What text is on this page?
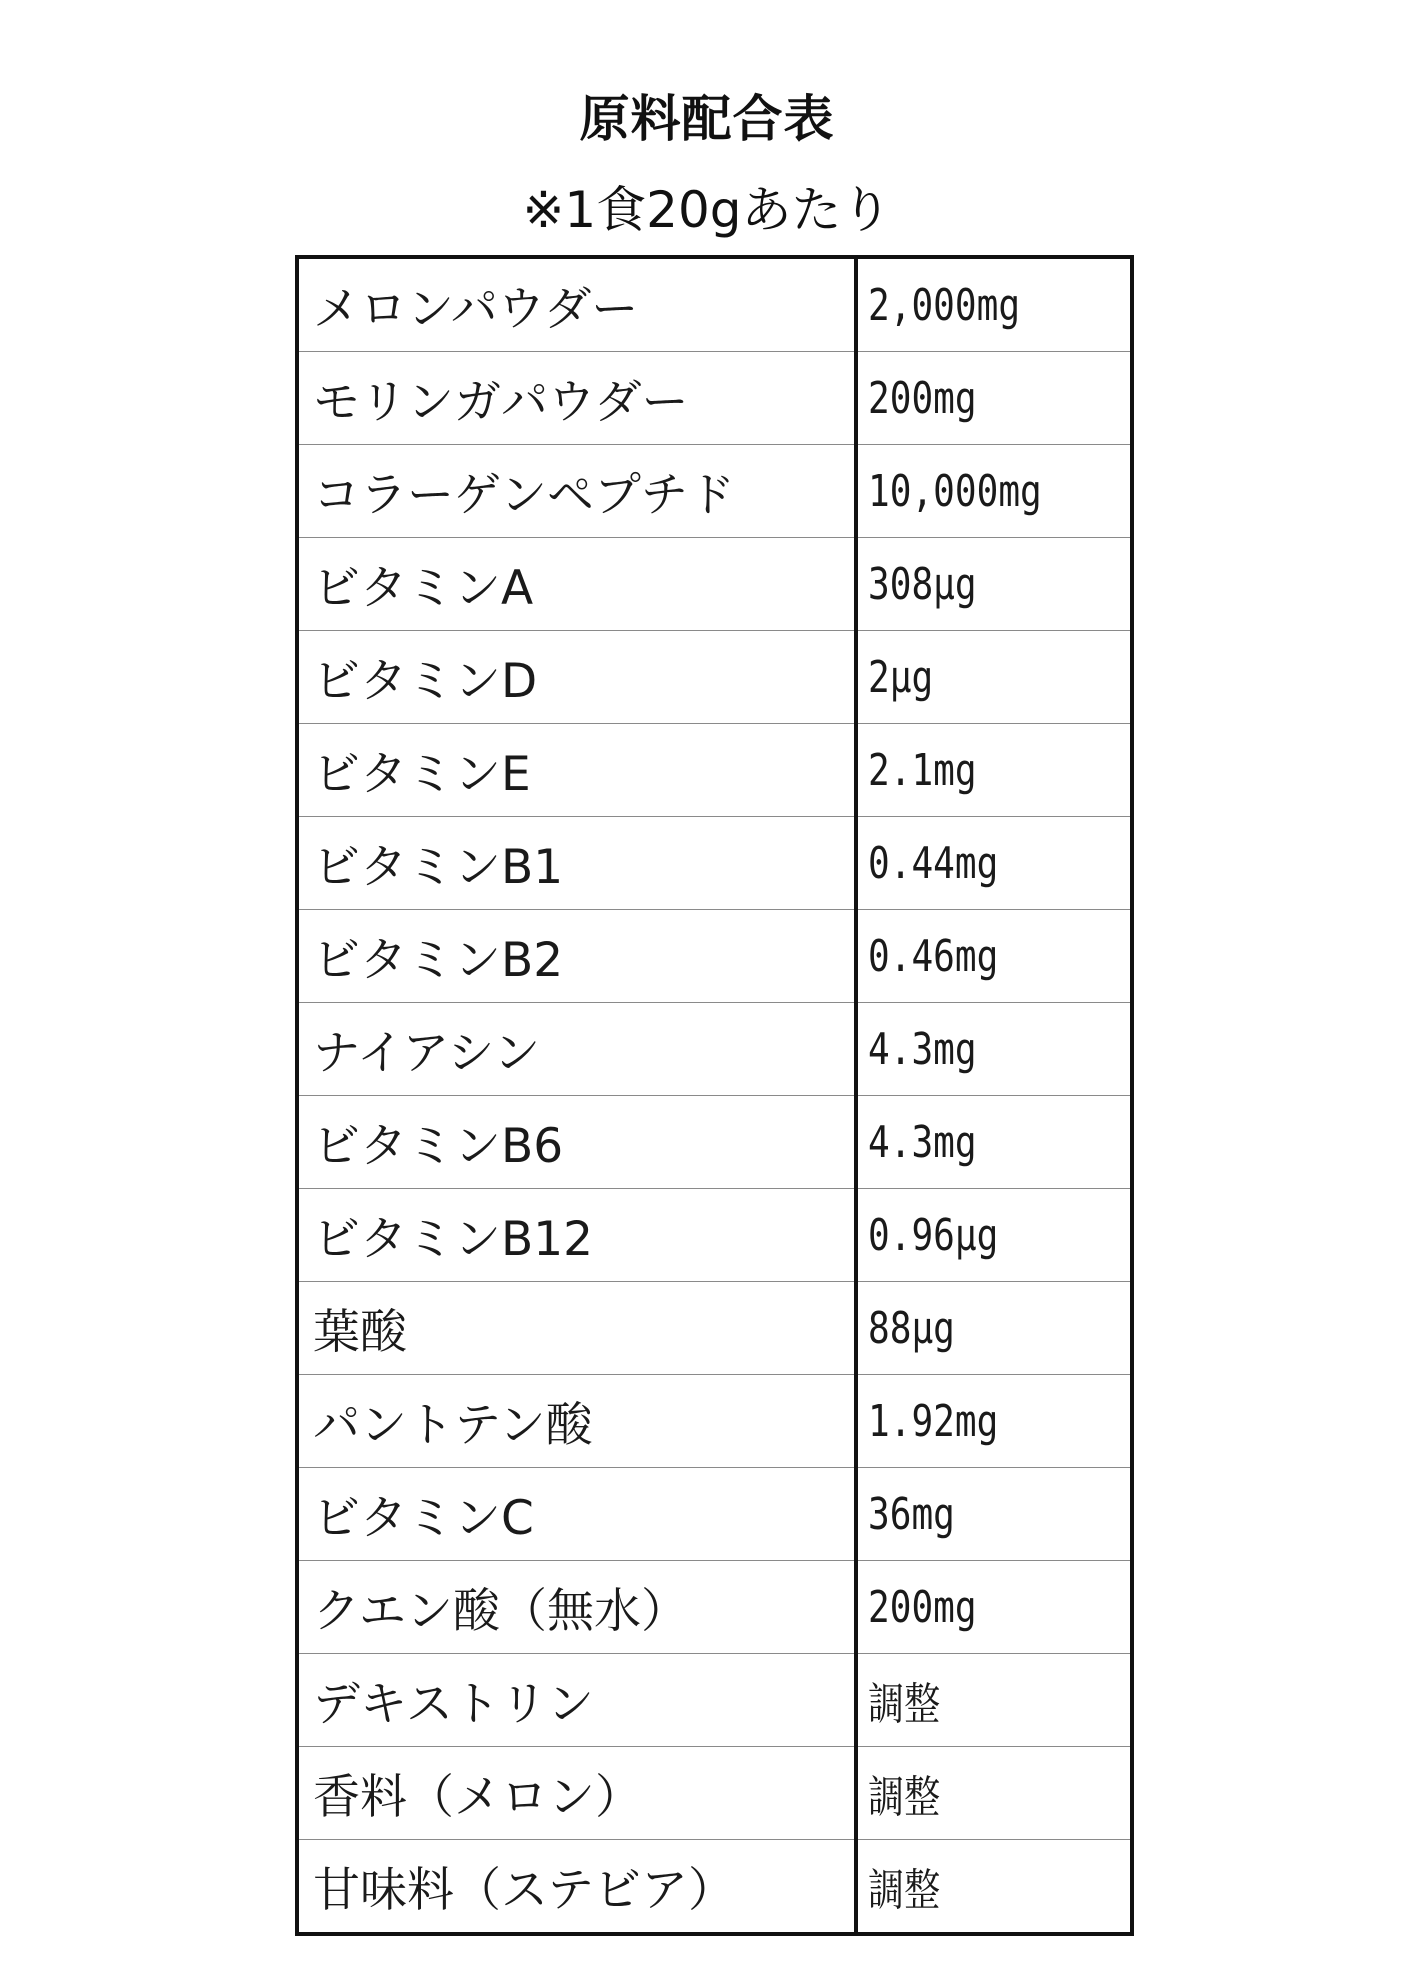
原料配合表
※1食20gあたり
メロンパウダー	2,000mg
モリンガパウダー	200mg
コラーゲンペプチド	10,000mg
ビタミンA	308μg
ビタミンD	2μg
ビタミンE	2.1mg
ビタミンB1	0.44mg
ビタミンB2	0.46mg
ナイアシン	4.3mg
ビタミンB6	4.3mg
ビタミンB12	0.96μg
葉酸	88μg
パントテン酸	1.92mg
ビタミンC	36mg
クエン酸（無水）	200mg
デキストリン	調整
香料（メロン）	調整
甘味料（ステビア）	調整
